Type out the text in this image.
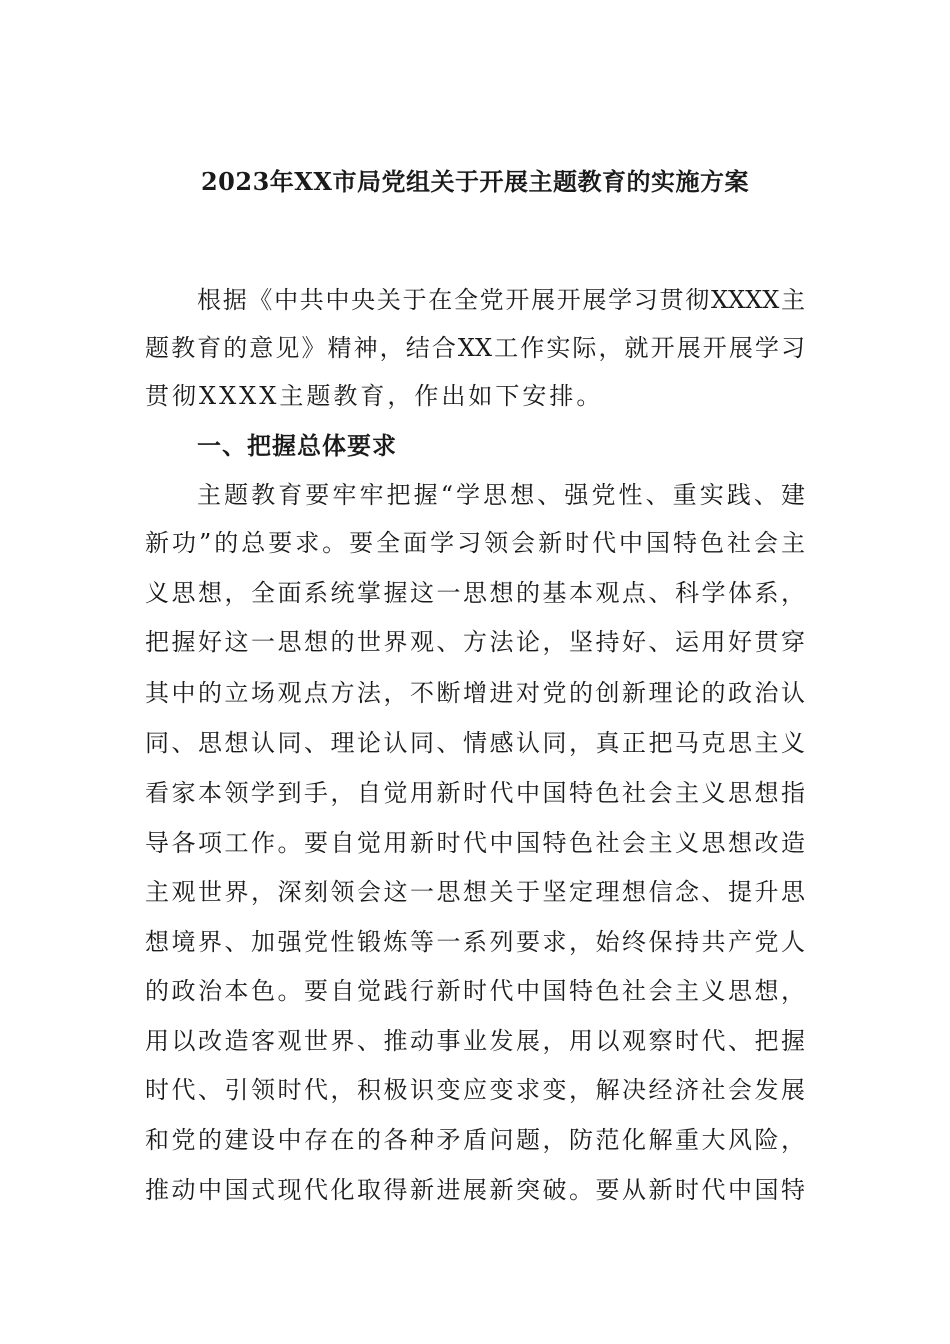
2023年XX市局党组关于开展主题教育的实施方案
根据《中共中央关于在全党开展开展学习贯彻XXXX主
题教育的意见》精神，结合XX工作实际，就开展开展学习
贯彻XXXX主题教育，作出如下安排。
一、把握总体要求
主题教育要牢牢把握“学思想、强党性、重实践、建
新功”的总要求。要全面学习领会新时代中国特色社会主
义思想，全面系统掌握这一思想的基本观点、科学体系，
把握好这一思想的世界观、方法论，坚持好、运用好贯穿
其中的立场观点方法，不断增进对党的创新理论的政治认
同、思想认同、理论认同、情感认同，真正把马克思主义
看家本领学到手，自觉用新时代中国特色社会主义思想指
导各项工作。要自觉用新时代中国特色社会主义思想改造
主观世界，深刻领会这一思想关于坚定理想信念、提升思
想境界、加强党性锻炼等一系列要求，始终保持共产党人
的政治本色。要自觉践行新时代中国特色社会主义思想，
用以改造客观世界、推动事业发展，用以观察时代、把握
时代、引领时代，积极识变应变求变，解决经济社会发展
和党的建设中存在的各种矛盾问题，防范化解重大风险，
推动中国式现代化取得新进展新突破。要从新时代中国特
